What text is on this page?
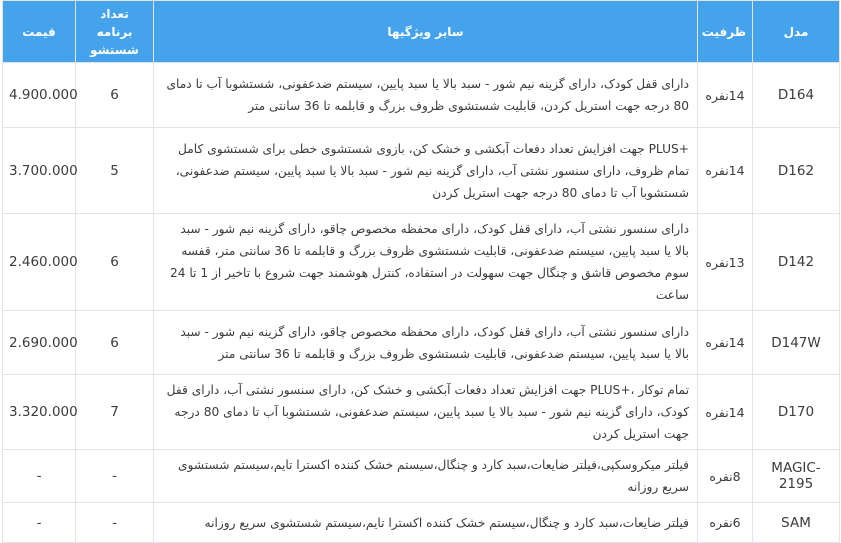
مدل	ظرفیت	سایر ویژگیها	تعداد برنامه شستشو	قیمت
D164	14نفره	دارای قفل کودک، دارای گزینه نیم شور - سبد بالا یا سبد پایین، سیستم ضدعفونی، شستشوبا آب تا دمای 80 درجه جهت استریل کردن، قابلیت شستشوی ظروف بزرگ و قابلمه تا 36 سانتی متر	6	4.900.000
D162	14نفره	+PLUS جهت افزایش تعداد دفعات آبکشی و خشک کن، بازوی شستشوی خطی برای شستشوی کامل تمام ظروف، دارای سنسور نشتی آب، دارای گزینه نیم شور - سبد بالا یا سبد پایین، سیستم ضدعفونی، شستشوبا آب تا دمای 80 درجه جهت استریل کردن	5	3.700.000
D142	13نفره	دارای سنسور نشتی آب، دارای قفل کودک، دارای محفظه مخصوص چاقو، دارای گزینه نیم شور - سبد بالا یا سبد پایین، سیستم ضدعفونی، قابلیت شستشوی ظروف بزرگ و قابلمه تا 36 سانتی متر، قفسه سوم مخصوص قاشق و چنگال جهت سهولت در استفاده، کنترل هوشمند جهت شروع با تاخیر از 1 تا 24 ساعت	6	2.460.000
D147W	14نفره	دارای سنسور نشتی آب، دارای قفل کودک، دارای محفظه مخصوص چاقو، دارای گزینه نیم شور - سبد بالا یا سبد پایین، سیستم ضدعفونی، قابلیت شستشوی ظروف بزرگ و قابلمه تا 36 سانتی متر	6	2.690.000
D170	14نفره	تمام توکار ،+PLUS جهت افزایش تعداد دفعات آبکشی و خشک کن، دارای سنسور نشتی آب، دارای قفل کودک، دارای گزینه نیم شور - سبد بالا یا سبد پایین، سیستم ضدعفونی، شستشوبا آب تا دمای 80 درجه جهت استریل کردن	7	3.320.000
MAGIC-2195	8نفره	فیلتر میکروسکپی،فیلتر ضایعات،سبد کارد و چنگال،سیستم خشک کننده اکسترا تایم،سیستم شستشوی سریع روزانه	-	-
SAM	6نفره	فیلتر ضایعات،سبد کارد و چنگال،سیستم خشک کننده اکسترا تایم،سیستم شستشوی سریع روزانه	-	-
